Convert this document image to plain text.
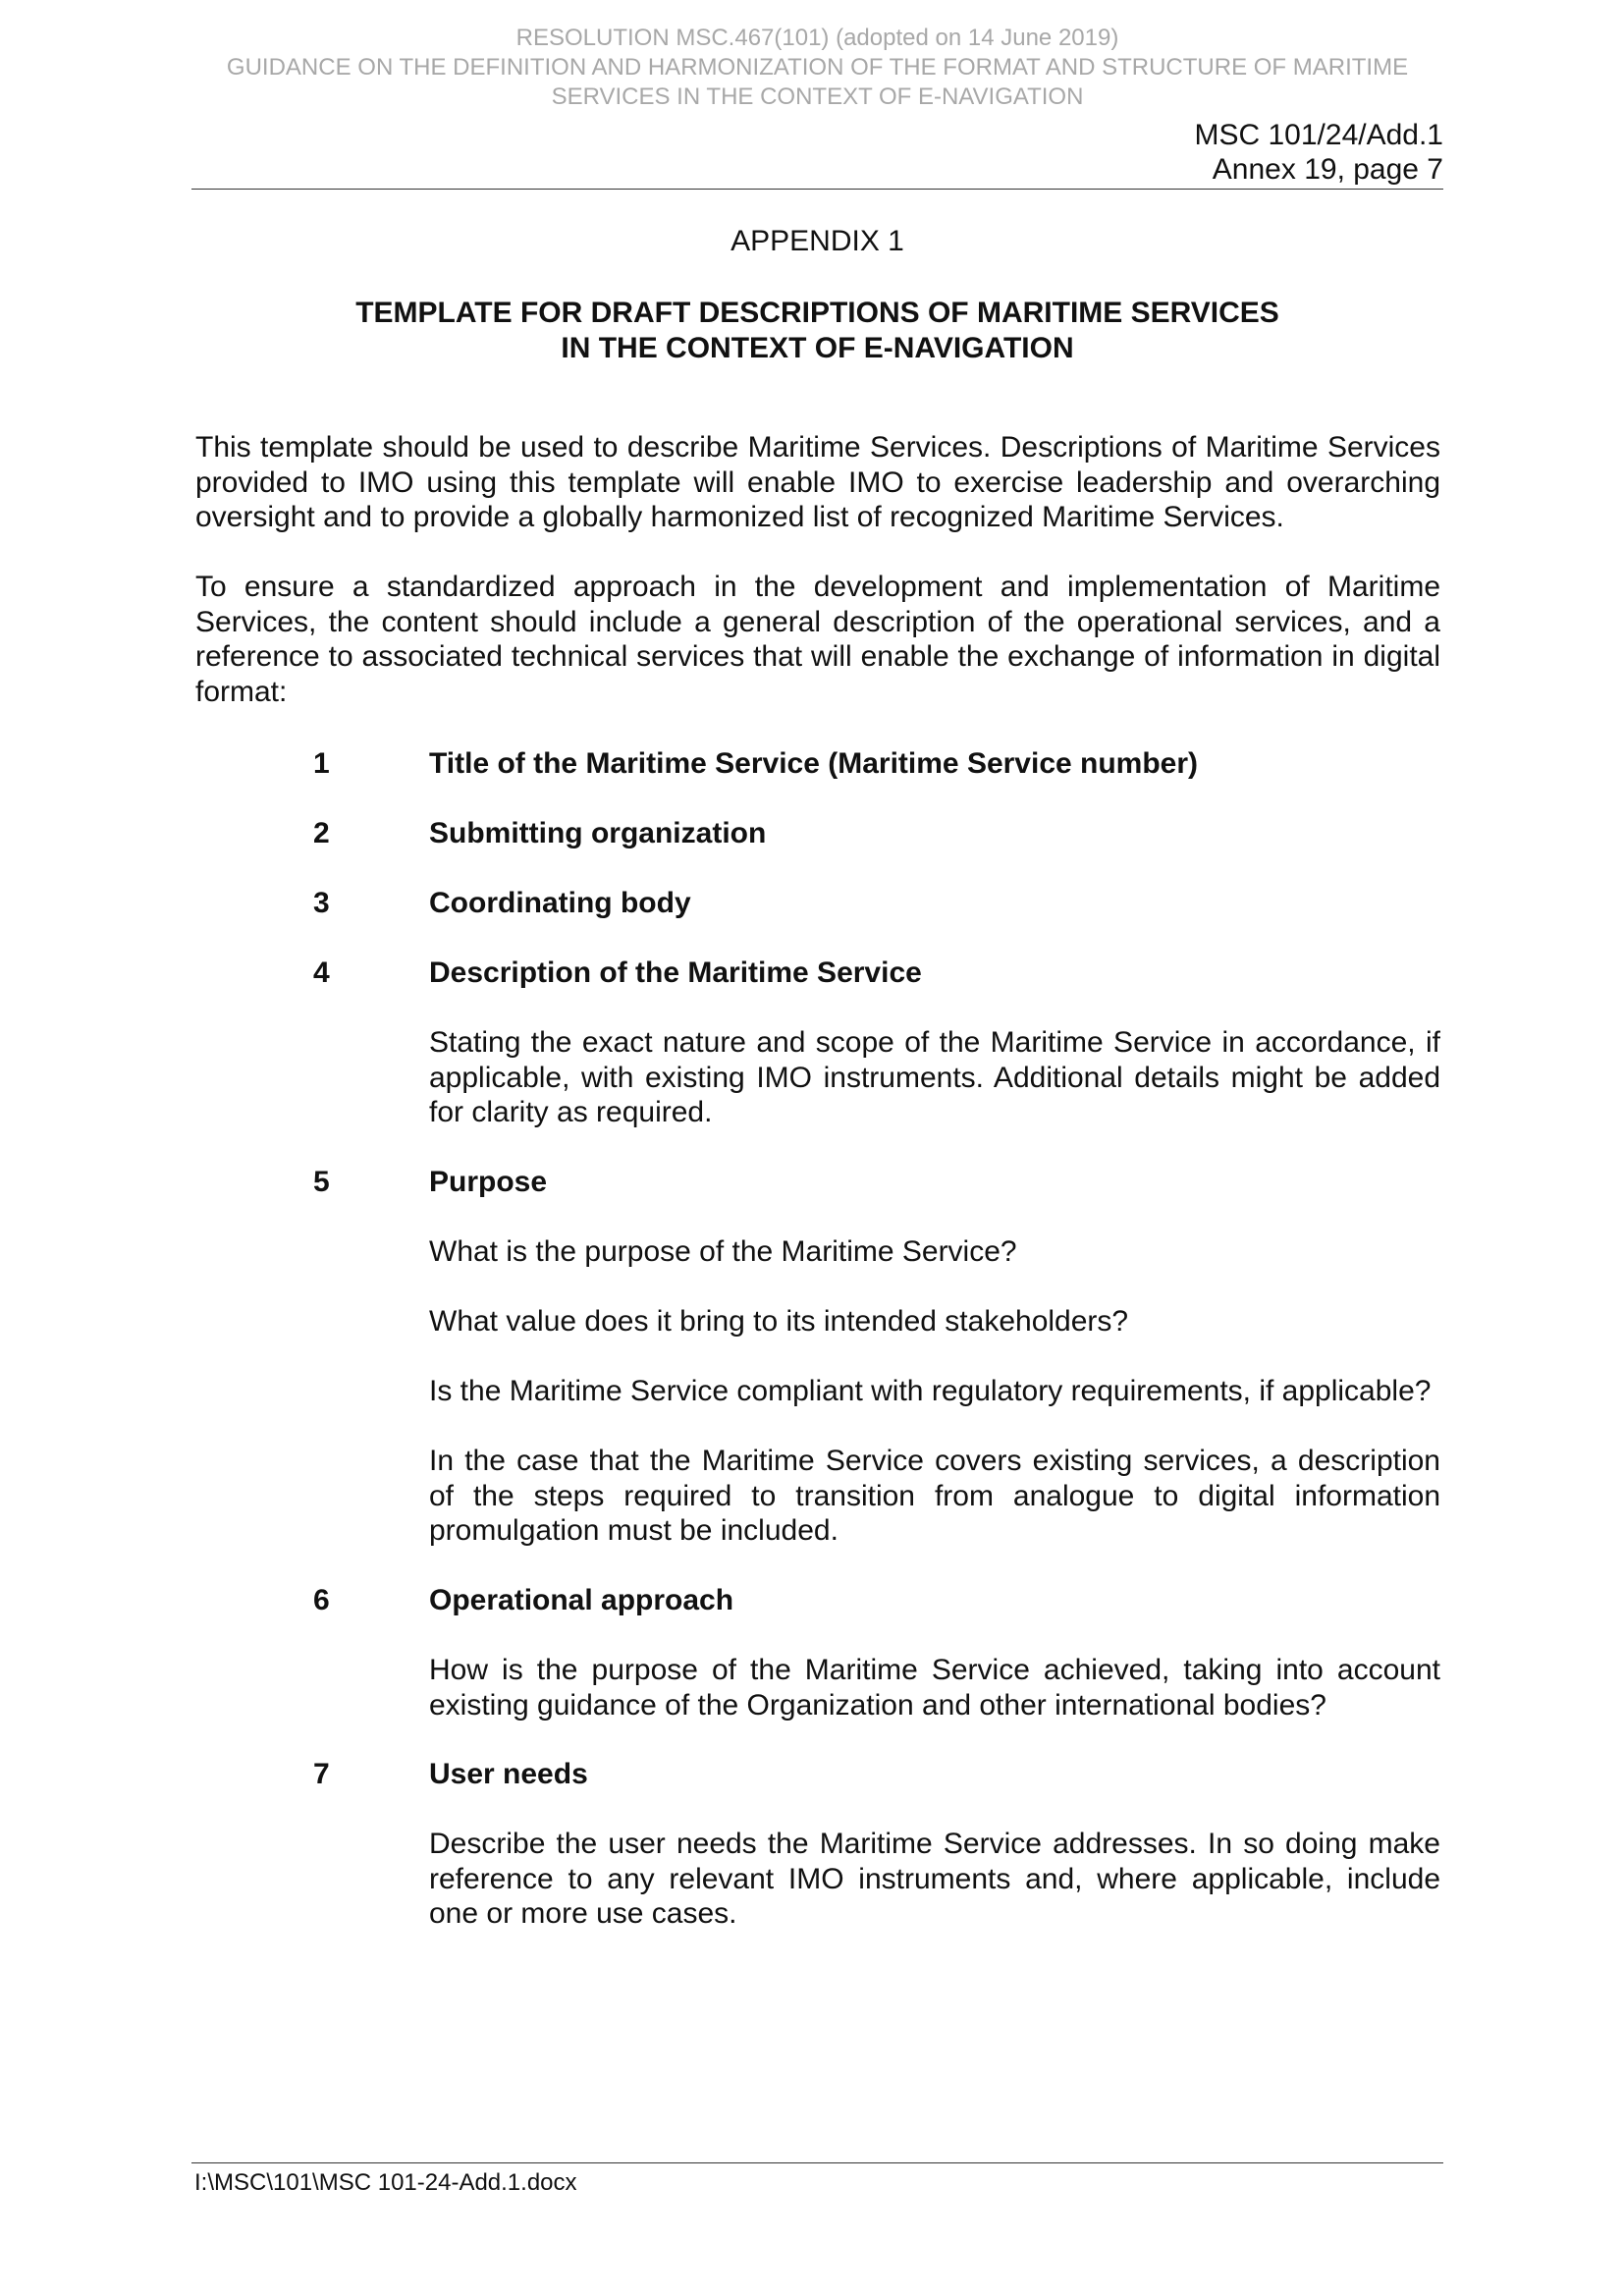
RESOLUTION MSC.467(101) (adopted on 14 June 2019)
GUIDANCE ON THE DEFINITION AND HARMONIZATION OF THE FORMAT AND STRUCTURE OF MARITIME
SERVICES IN THE CONTEXT OF E-NAVIGATION
MSC 101/24/Add.1
Annex 19, page 7
APPENDIX 1
TEMPLATE FOR DRAFT DESCRIPTIONS OF MARITIME SERVICES
IN THE CONTEXT OF E-NAVIGATION
This template should be used to describe Maritime Services. Descriptions of Maritime Services provided to IMO using this template will enable IMO to exercise leadership and overarching oversight and to provide a globally harmonized list of recognized Maritime Services.
To ensure a standardized approach in the development and implementation of Maritime Services, the content should include a general description of the operational services, and a reference to associated technical services that will enable the exchange of information in digital format:
1	Title of the Maritime Service (Maritime Service number)
2	Submitting organization
3	Coordinating body
4	Description of the Maritime Service
Stating the exact nature and scope of the Maritime Service in accordance, if applicable, with existing IMO instruments. Additional details might be added for clarity as required.
5	Purpose
What is the purpose of the Maritime Service?
What value does it bring to its intended stakeholders?
Is the Maritime Service compliant with regulatory requirements, if applicable?
In the case that the Maritime Service covers existing services, a description of the steps required to transition from analogue to digital information promulgation must be included.
6	Operational approach
How is the purpose of the Maritime Service achieved, taking into account existing guidance of the Organization and other international bodies?
7	User needs
Describe the user needs the Maritime Service addresses. In so doing make reference to any relevant IMO instruments and, where applicable, include one or more use cases.
I:\MSC\101\MSC 101-24-Add.1.docx
